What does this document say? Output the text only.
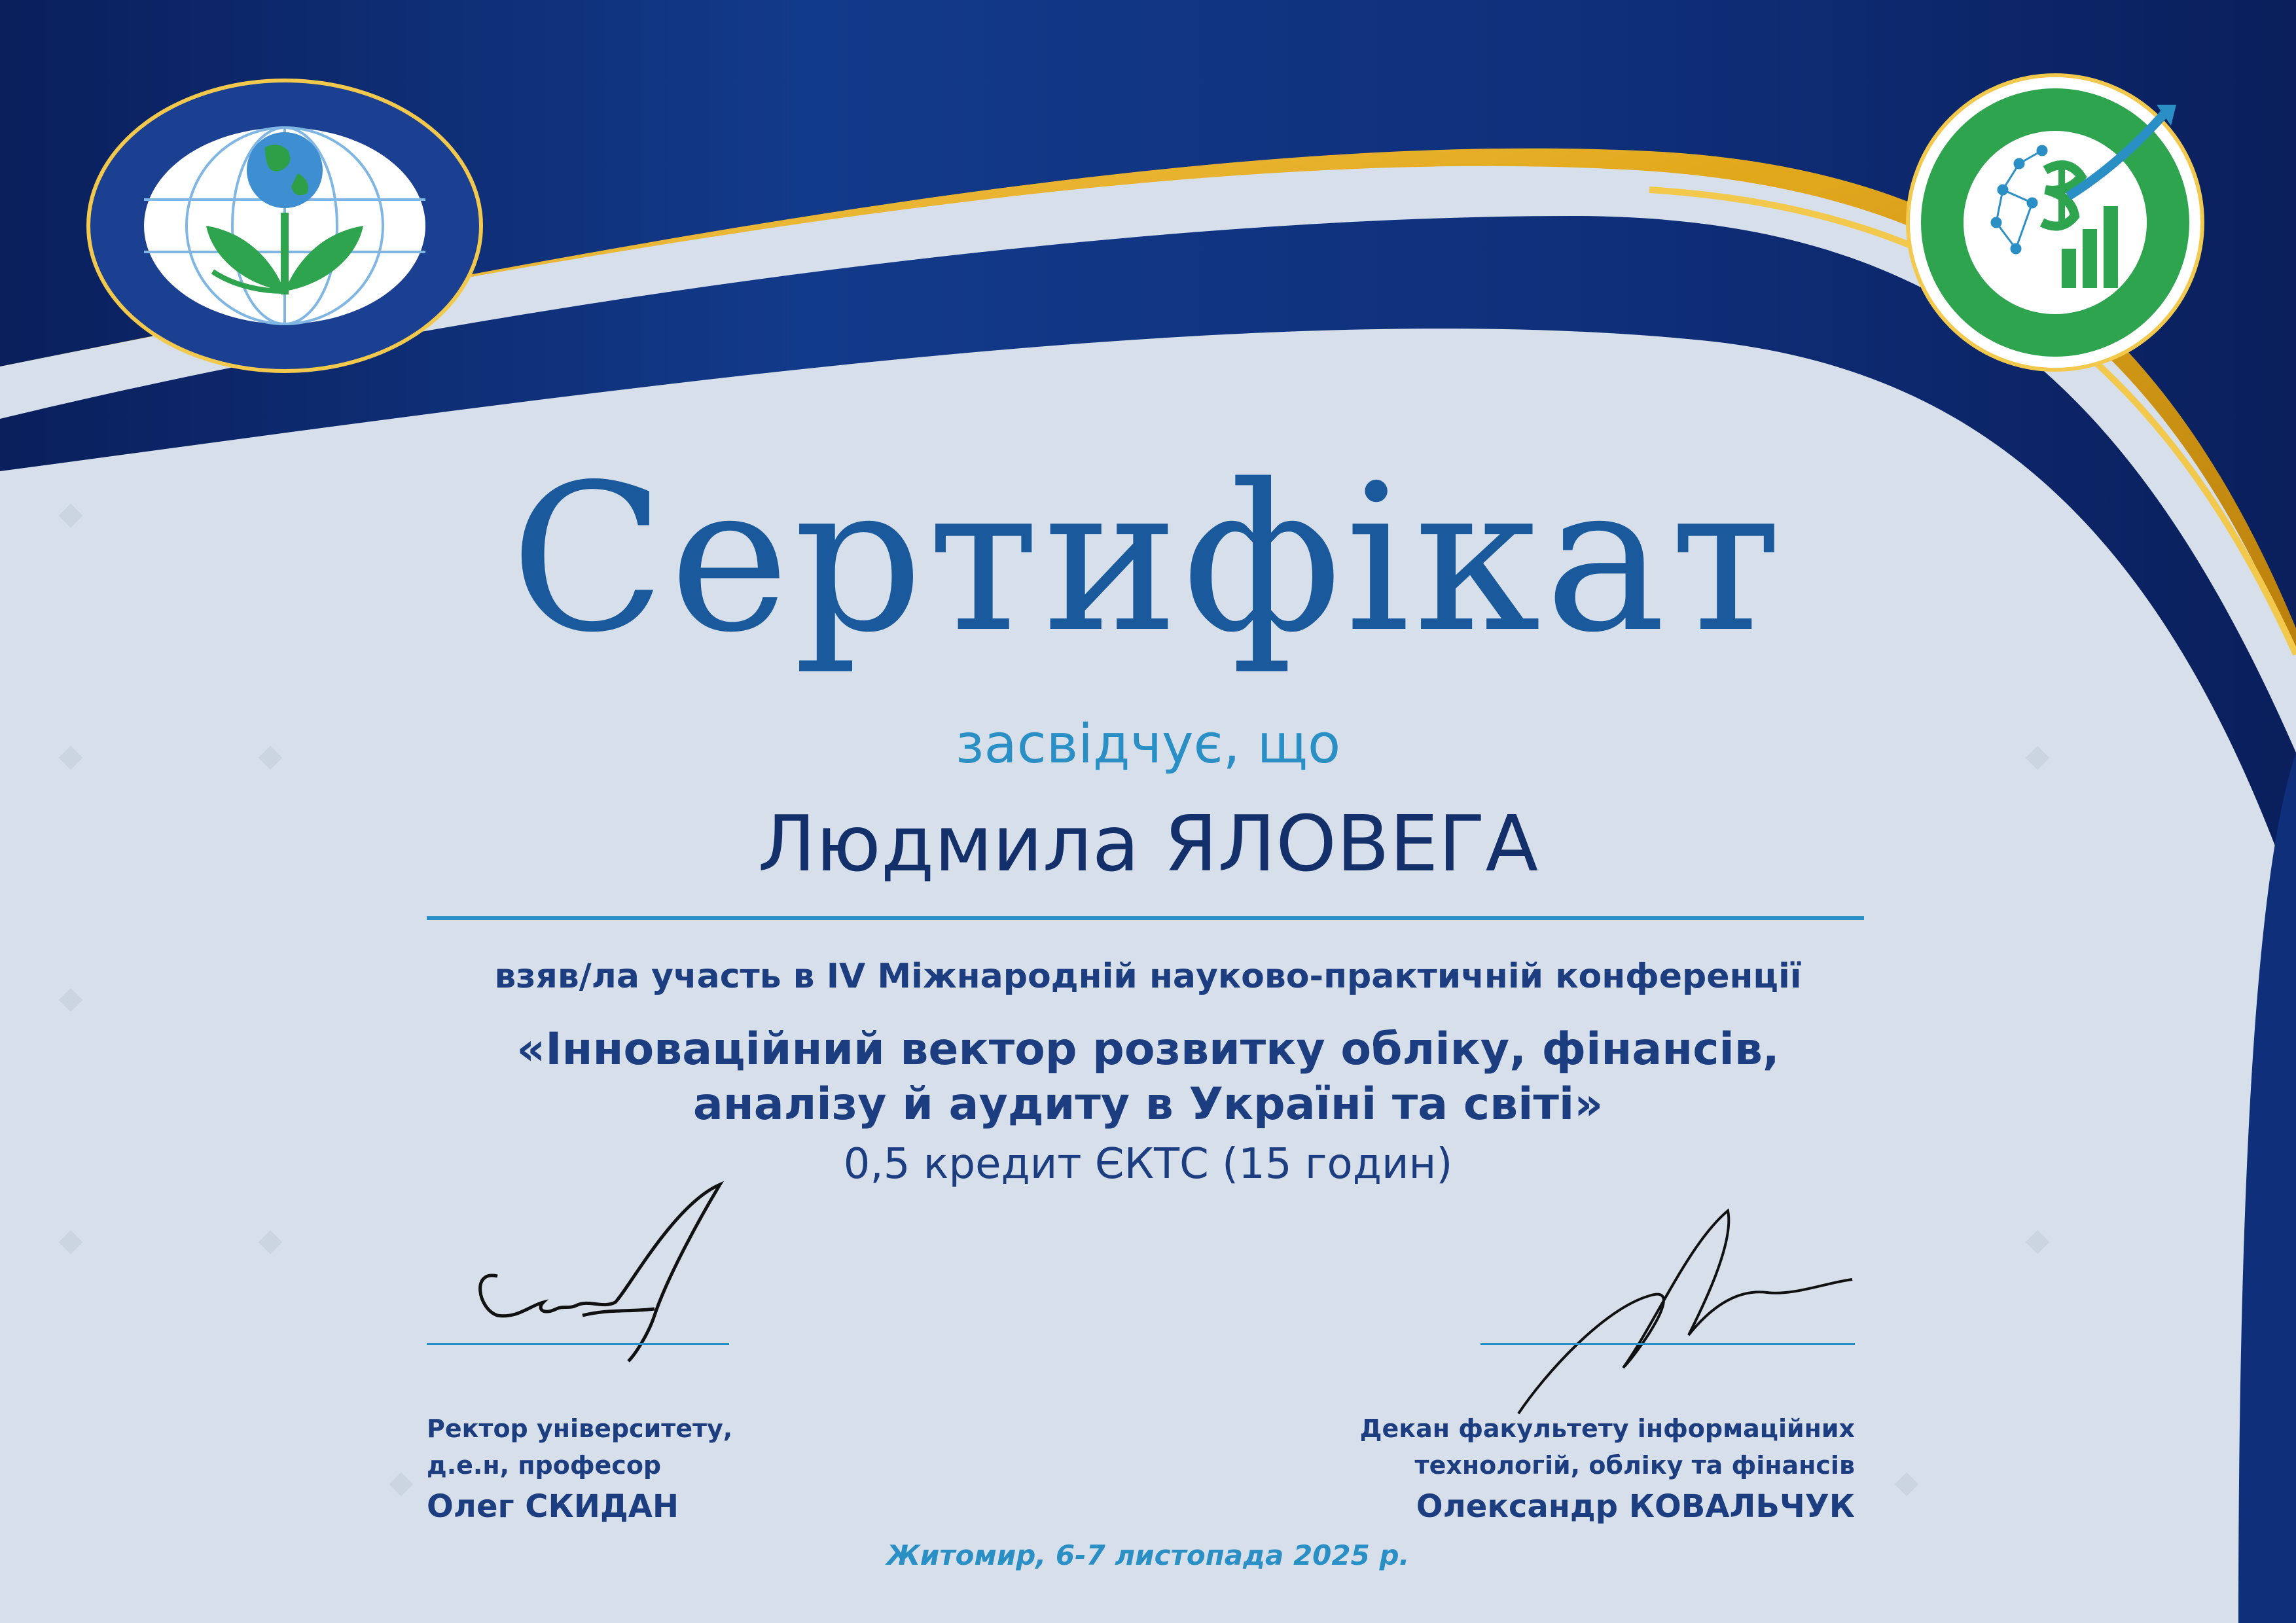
Сертифікат
засвідчує, що
Людмила ЯЛОВЕГА
взяв/ла участь в IV Міжнародній науково-практичній конференції
«Інноваційний вектор розвитку обліку, фінансів,
аналізу й аудиту в Україні та світі»
0,5 кредит ЄКТС (15 годин)
Ректор університету,
д.е.н, професор
Олег СКИДАН
Декан факультету інформаційних
технологій, обліку та фінансів
Олександр КОВАЛЬЧУК
Житомир, 6-7 листопада 2025 р.
